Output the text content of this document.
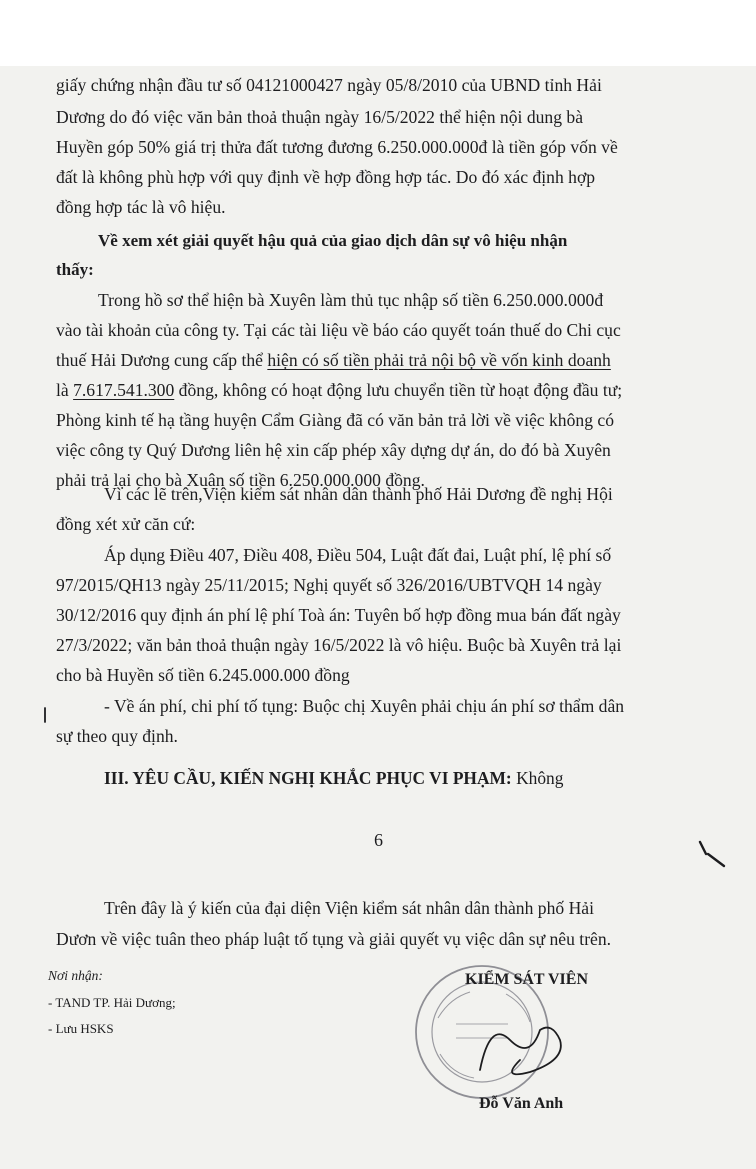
giấy chứng nhận đầu tư số 04121000427 ngày 05/8/2010 của UBND tỉnh Hải
Dương do đó việc văn bản thoả thuận ngày 16/5/2022 thể hiện nội dung bà
Huyền góp 50% giá trị thửa đất tương đương 6.250.000.000đ là tiền góp vốn về
đất là không phù hợp với quy định về hợp đồng hợp tác. Do đó xác định hợp
đồng hợp tác là vô hiệu.
Về xem xét giải quyết hậu quả của giao dịch dân sự vô hiệu nhận
thấy:
Trong hồ sơ thể hiện bà Xuyên làm thủ tục nhập số tiền 6.250.000.000đ
vào tài khoản của công ty. Tại các tài liệu về báo cáo quyết toán thuế do Chi cục
thuế Hải Dương cung cấp thể hiện có số tiền phải trả nội bộ về vốn kinh doanh
là 7.617.541.300 đồng, không có hoạt động lưu chuyển tiền từ hoạt động đầu tư;
Phòng kinh tế hạ tầng huyện Cẩm Giàng đã có văn bản trả lời về việc không có
việc công ty Quý Dương liên hệ xin cấp phép xây dựng dự án, do đó bà Xuyên
phải trả lại cho bà Xuân số tiền 6.250.000.000 đồng.
Vì các lẽ trên,Viện kiểm sát nhân dân thành phố Hải Dương đề nghị Hội
đồng xét xử căn cứ:
Áp dụng Điều 407, Điều 408, Điều 504, Luật đất đai, Luật phí, lệ phí số
97/2015/QH13 ngày 25/11/2015; Nghị quyết số 326/2016/UBTVQH 14 ngày
30/12/2016 quy định án phí lệ phí Toà án: Tuyên bố hợp đồng mua bán đất ngày
27/3/2022; văn bản thoả thuận ngày 16/5/2022 là vô hiệu. Buộc bà Xuyên trả lại
cho bà Huyền số tiền 6.245.000.000 đồng
- Về án phí, chi phí tố tụng: Buộc chị Xuyên phải chịu án phí sơ thẩm dân
sự theo quy định.
III. YÊU CẦU, KIẾN NGHỊ KHẮC PHỤC VI PHẠM: Không
6
Trên đây là ý kiến của đại diện Viện kiểm sát nhân dân thành phố Hải
Dươn về việc tuân theo pháp luật tố tụng và giải quyết vụ việc dân sự nêu trên.
Nơi nhận:
- TAND TP. Hải Dương;
- Lưu HSKS
KIỂM SÁT VIÊN
Đỗ Văn Anh
